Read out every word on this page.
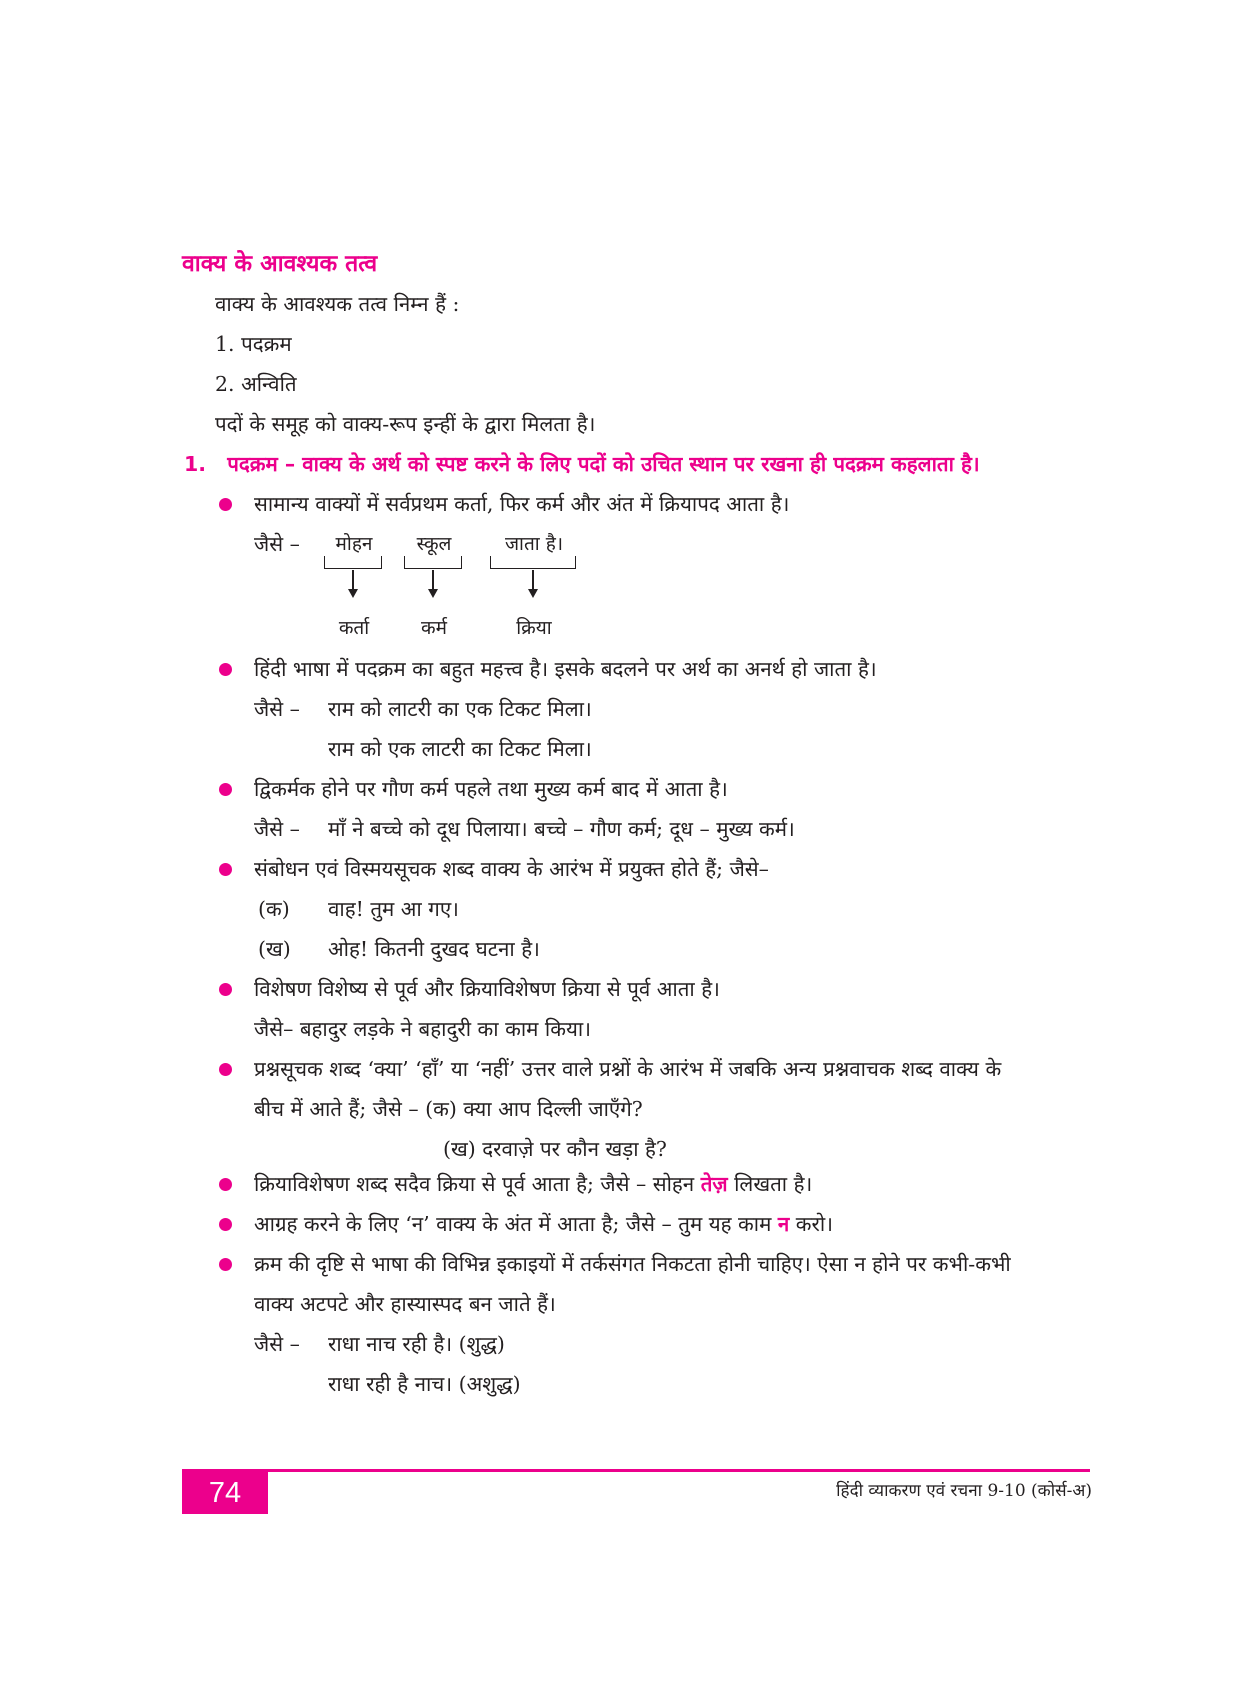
वाक्य के आवश्यक तत्व
वाक्य के आवश्यक तत्व निम्न हैं :
1. पदक्रम
2. अन्विति
पदों के समूह को वाक्य-रूप इन्हीं के द्वारा मिलता है।
1. पदक्रम – वाक्य के अर्थ को स्पष्ट करने के लिए पदों को उचित स्थान पर रखना ही पदक्रम कहलाता है।
सामान्य वाक्यों में सर्वप्रथम कर्ता, फिर कर्म और अंत में क्रियापद आता है।
जैसे –	मोहन	स्कूल	जाता है।
कर्ता	कर्म	क्रिया
हिंदी भाषा में पदक्रम का बहुत महत्त्व है। इसके बदलने पर अर्थ का अनर्थ हो जाता है।
जैसे – राम को लाटरी का एक टिकट मिला।
राम को एक लाटरी का टिकट मिला।
द्विकर्मक होने पर गौण कर्म पहले तथा मुख्य कर्म बाद में आता है।
जैसे – माँ ने बच्चे को दूध पिलाया। बच्चे – गौण कर्म; दूध – मुख्य कर्म।
संबोधन एवं विस्मयसूचक शब्द वाक्य के आरंभ में प्रयुक्त होते हैं; जैसे–
(क) वाह! तुम आ गए।
(ख) ओह! कितनी दुखद घटना है।
विशेषण विशेष्य से पूर्व और क्रियाविशेषण क्रिया से पूर्व आता है।
जैसे– बहादुर लड़के ने बहादुरी का काम किया।
प्रश्नसूचक शब्द ‘क्या’ ‘हाँ’ या ‘नहीं’ उत्तर वाले प्रश्नों के आरंभ में जबकि अन्य प्रश्नवाचक शब्द वाक्य के
बीच में आते हैं; जैसे – (क) क्या आप दिल्ली जाएँगे?
(ख) दरवाज़े पर कौन खड़ा है?
क्रियाविशेषण शब्द सदैव क्रिया से पूर्व आता है; जैसे – सोहन तेज़ लिखता है।
आग्रह करने के लिए ‘न’ वाक्य के अंत में आता है; जैसे – तुम यह काम न करो।
क्रम की दृष्टि से भाषा की विभिन्न इकाइयों में तर्कसंगत निकटता होनी चाहिए। ऐसा न होने पर कभी-कभी
वाक्य अटपटे और हास्यास्पद बन जाते हैं।
जैसे – राधा नाच रही है। (शुद्ध)
राधा रही है नाच। (अशुद्ध)
74	हिंदी व्याकरण एवं रचना 9-10 (कोर्स-अ)
